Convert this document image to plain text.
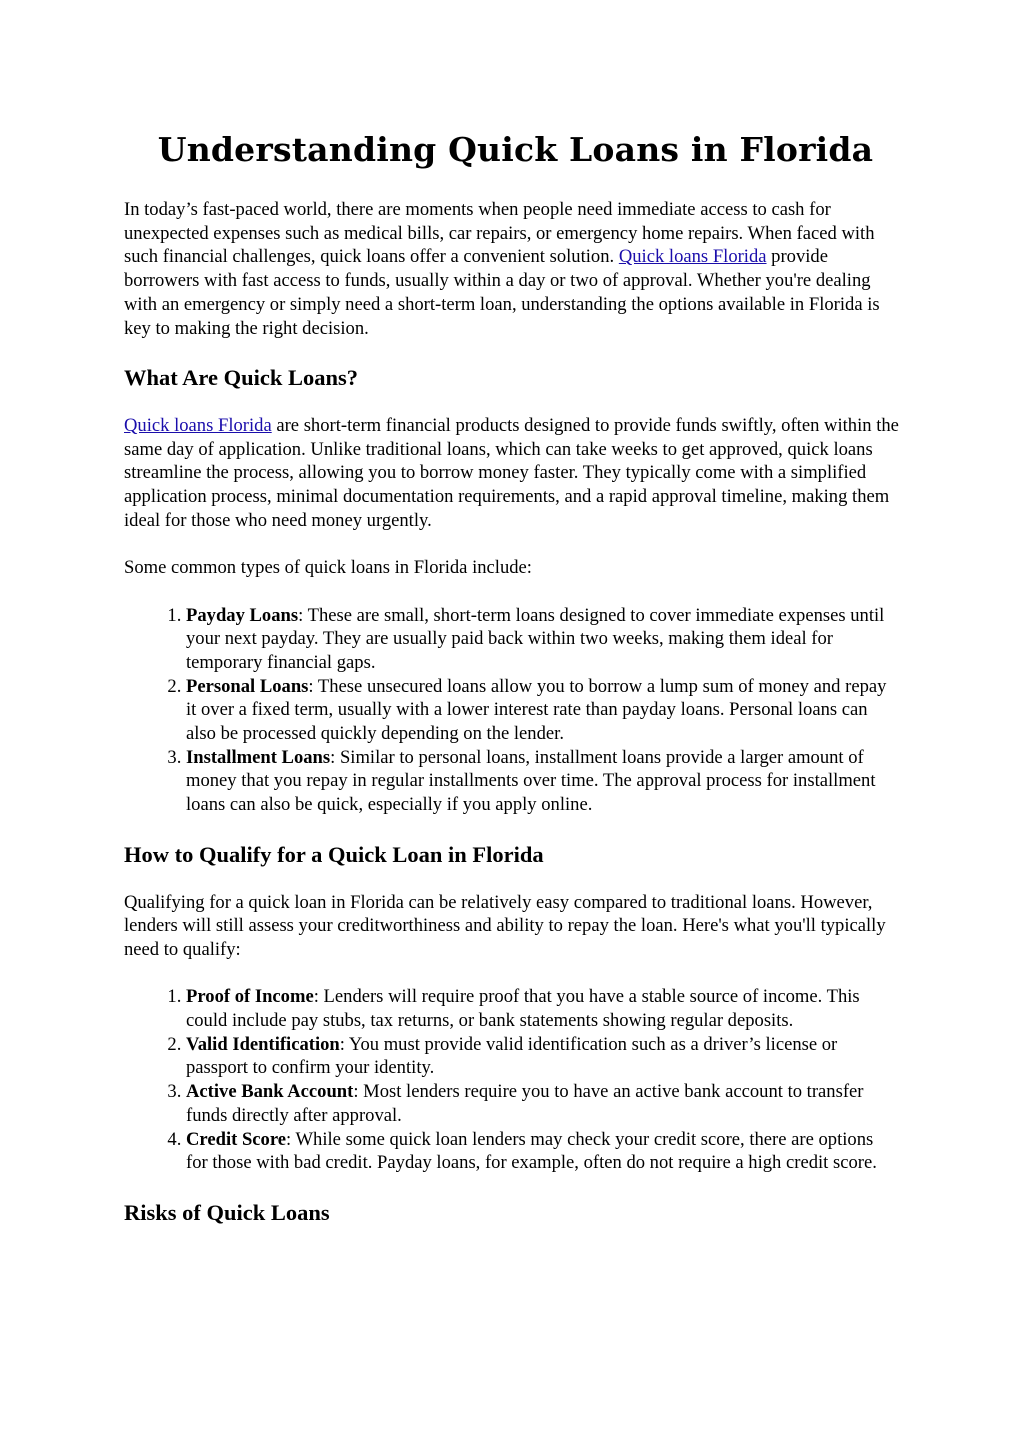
Understanding Quick Loans in Florida

In today’s fast-paced world, there are moments when people need immediate access to cash for unexpected expenses such as medical bills, car repairs, or emergency home repairs. When faced with such financial challenges, quick loans offer a convenient solution. Quick loans Florida provide borrowers with fast access to funds, usually within a day or two of approval. Whether you're dealing with an emergency or simply need a short-term loan, understanding the options available in Florida is key to making the right decision.

What Are Quick Loans?

Quick loans Florida are short-term financial products designed to provide funds swiftly, often within the same day of application. Unlike traditional loans, which can take weeks to get approved, quick loans streamline the process, allowing you to borrow money faster. They typically come with a simplified application process, minimal documentation requirements, and a rapid approval timeline, making them ideal for those who need money urgently.

Some common types of quick loans in Florida include:

1. Payday Loans: These are small, short-term loans designed to cover immediate expenses until your next payday. They are usually paid back within two weeks, making them ideal for temporary financial gaps.
2. Personal Loans: These unsecured loans allow you to borrow a lump sum of money and repay it over a fixed term, usually with a lower interest rate than payday loans. Personal loans can also be processed quickly depending on the lender.
3. Installment Loans: Similar to personal loans, installment loans provide a larger amount of money that you repay in regular installments over time. The approval process for installment loans can also be quick, especially if you apply online.
How to Qualify for a Quick Loan in Florida

Qualifying for a quick loan in Florida can be relatively easy compared to traditional loans. However, lenders will still assess your creditworthiness and ability to repay the loan. Here's what you'll typically need to qualify:

1. Proof of Income: Lenders will require proof that you have a stable source of income. This could include pay stubs, tax returns, or bank statements showing regular deposits.
2. Valid Identification: You must provide valid identification such as a driver’s license or passport to confirm your identity.
3. Active Bank Account: Most lenders require you to have an active bank account to transfer funds directly after approval.
4. Credit Score: While some quick loan lenders may check your credit score, there are options for those with bad credit. Payday loans, for example, often do not require a high credit score.
Risks of Quick Loans
